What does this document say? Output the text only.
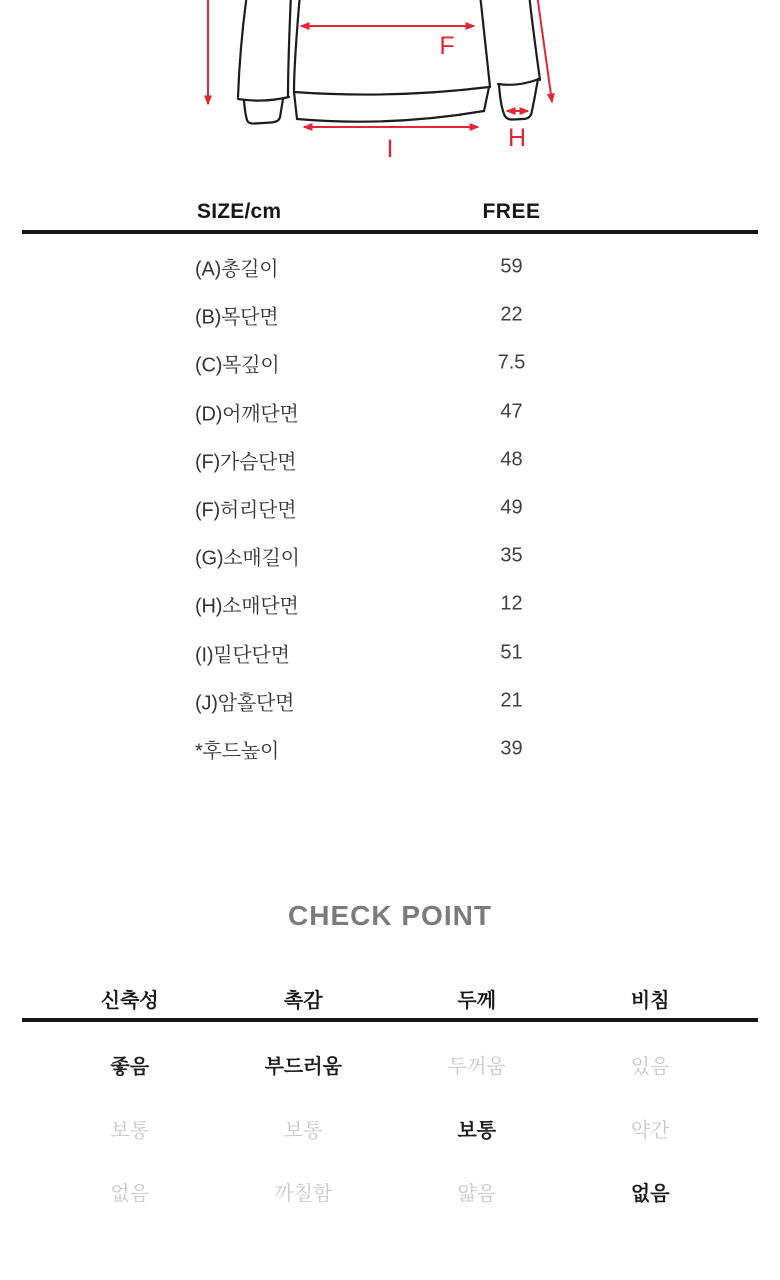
F
I	H
SIZE/cm	FREE
(A)총길이	59
(B)목단면	22
(C)목깊이	7.5
(D)어깨단면	47
(F)가슴단면	48
(F)허리단면	49
(G)소매길이	35
(H)소매단면	12
(I)밑단단면	51
(J)암홀단면	21
*후드높이	39
CHECK POINT
신축성	촉감	두께	비침
좋음	부드러움	두꺼움	있음
보통	보통	보통	약간
없음	까칠함	얇음	없음
